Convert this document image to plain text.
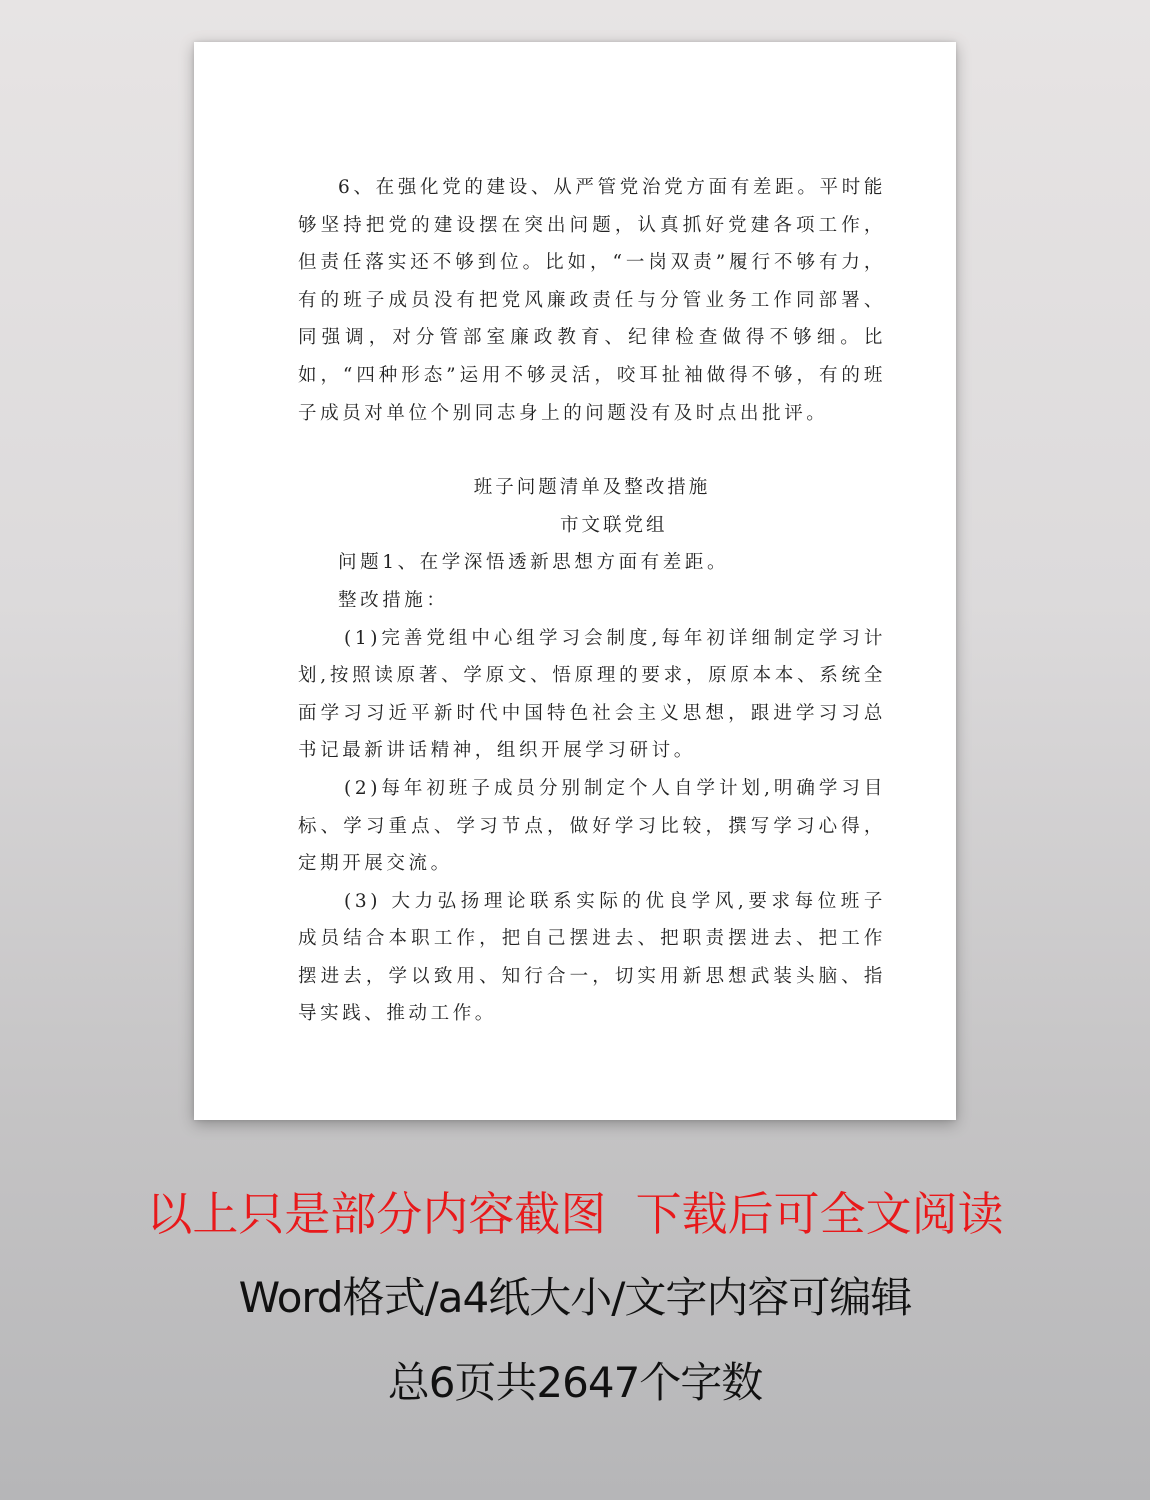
6、在强化党的建设、从严管党治党方面有差距。平时能够坚持把党的建设摆在突出问题，认真抓好党建各项工作，但责任落实还不够到位。比如，“一岗双责”履行不够有力，有的班子成员没有把党风廉政责任与分管业务工作同部署、同强调，对分管部室廉政教育、纪律检查做得不够细。比如，“四种形态”运用不够灵活，咬耳扯袖做得不够，有的班子成员对单位个别同志身上的问题没有及时点出批评。

班子问题清单及整改措施

市文联党组

问题1、在学深悟透新思想方面有差距。

整改措施：

(1)完善党组中心组学习会制度,每年初详细制定学习计划,按照读原著、学原文、悟原理的要求，原原本本、系统全面学习习近平新时代中国特色社会主义思想，跟进学习习总书记最新讲话精神，组织开展学习研讨。

(2)每年初班子成员分别制定个人自学计划,明确学习目标、学习重点、学习节点，做好学习比较，撰写学习心得，定期开展交流。

(3) 大力弘扬理论联系实际的优良学风,要求每位班子成员结合本职工作，把自己摆进去、把职责摆进去、把工作摆进去，学以致用、知行合一，切实用新思想武装头脑、指导实践、推动工作。

以上只是部分内容截图  下载后可全文阅读
Word格式/a4纸大小/文字内容可编辑
总6页共2647个字数
